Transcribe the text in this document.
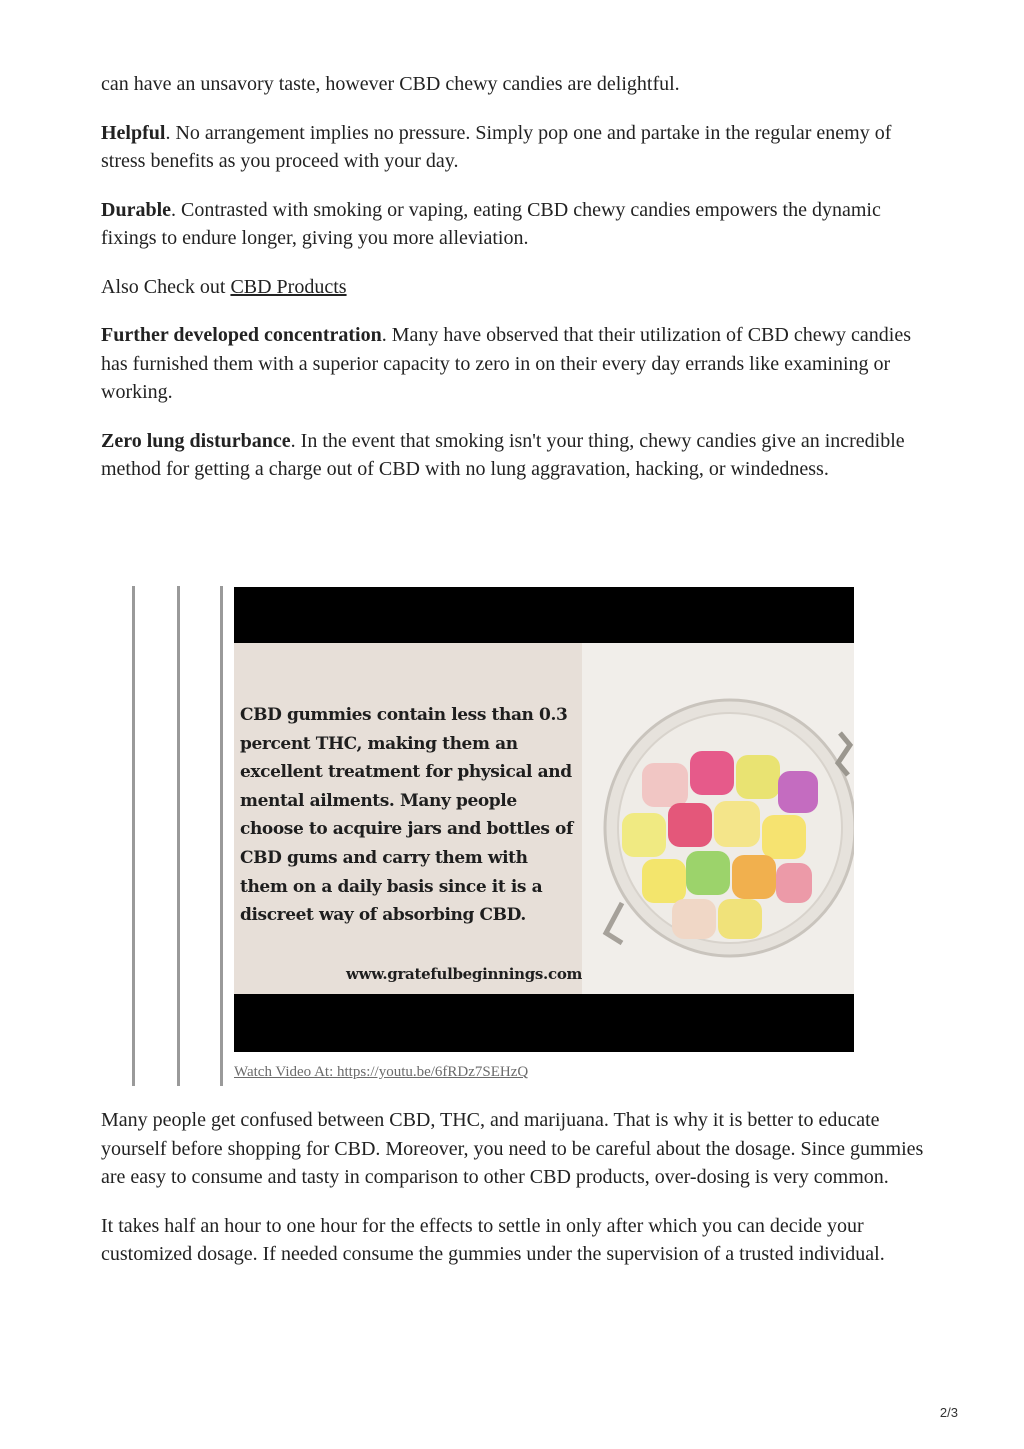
can have an unsavory taste, however CBD chewy candies are delightful.

Helpful. No arrangement implies no pressure. Simply pop one and partake in the regular enemy of stress benefits as you proceed with your day.

Durable. Contrasted with smoking or vaping, eating CBD chewy candies empowers the dynamic fixings to endure longer, giving you more alleviation.

Also Check out CBD Products

Further developed concentration. Many have observed that their utilization of CBD chewy candies has furnished them with a superior capacity to zero in on their every day errands like examining or working.

Zero lung disturbance. In the event that smoking isn't your thing, chewy candies give an incredible method for getting a charge out of CBD with no lung aggravation, hacking, or windedness.

CBD gummies contain less than 0.3 percent THC, making them an excellent treatment for physical and mental ailments. Many people choose to acquire jars and bottles of CBD gums and carry them with them on a daily basis since it is a discreet way of absorbing CBD.
www.gratefulbeginnings.com
Watch Video At: https://youtu.be/6fRDz7SEHzQ

Many people get confused between CBD, THC, and marijuana. That is why it is better to educate yourself before shopping for CBD. Moreover, you need to be careful about the dosage. Since gummies are easy to consume and tasty in comparison to other CBD products, over-dosing is very common.

It takes half an hour to one hour for the effects to settle in only after which you can decide your customized dosage. If needed consume the gummies under the supervision of a trusted individual.

2/3
